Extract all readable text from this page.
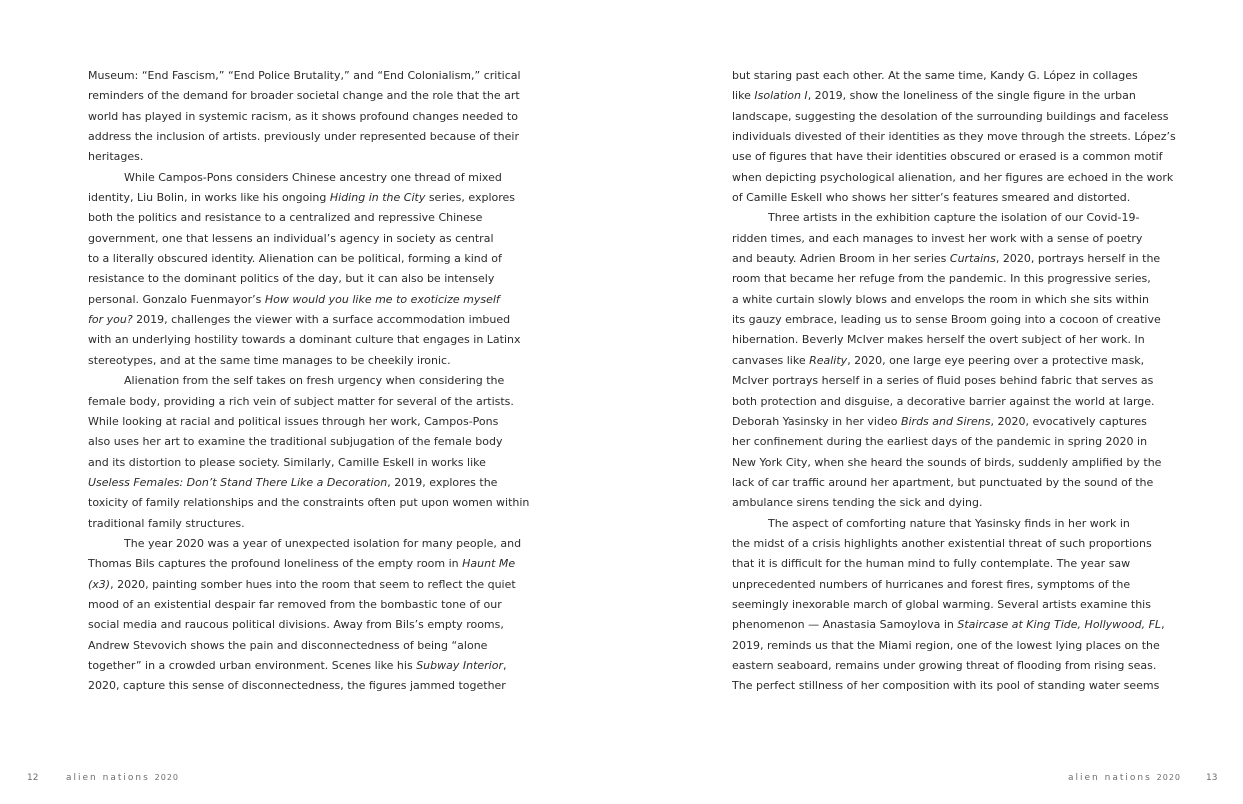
Museum: “End Fascism,” “End Police Brutality,” and “End Colonialism,” critical
reminders of the demand for broader societal change and the role that the art
world has played in systemic racism, as it shows profound changes needed to
address the inclusion of artists. previously under represented because of their
heritages.
While Campos-Pons considers Chinese ancestry one thread of mixed
identity, Liu Bolin, in works like his ongoing Hiding in the City series, explores
both the politics and resistance to a centralized and repressive Chinese
government, one that lessens an individual’s agency in society as central
to a literally obscured identity. Alienation can be political, forming a kind of
resistance to the dominant politics of the day, but it can also be intensely
personal. Gonzalo Fuenmayor’s How would you like me to exoticize myself
for you? 2019, challenges the viewer with a surface accommodation imbued
with an underlying hostility towards a dominant culture that engages in Latinx
stereotypes, and at the same time manages to be cheekily ironic.
Alienation from the self takes on fresh urgency when considering the
female body, providing a rich vein of subject matter for several of the artists.
While looking at racial and political issues through her work, Campos-Pons
also uses her art to examine the traditional subjugation of the female body
and its distortion to please society. Similarly, Camille Eskell in works like
Useless Females: Don’t Stand There Like a Decoration, 2019, explores the
toxicity of family relationships and the constraints often put upon women within
traditional family structures.
The year 2020 was a year of unexpected isolation for many people, and
Thomas Bils captures the profound loneliness of the empty room in Haunt Me
(x3), 2020, painting somber hues into the room that seem to reflect the quiet
mood of an existential despair far removed from the bombastic tone of our
social media and raucous political divisions. Away from Bils’s empty rooms,
Andrew Stevovich shows the pain and disconnectedness of being “alone
together” in a crowded urban environment. Scenes like his Subway Interior,
2020, capture this sense of disconnectedness, the figures jammed together
12	alien nations 2020
but staring past each other. At the same time, Kandy G. López in collages
like Isolation I, 2019, show the loneliness of the single figure in the urban
landscape, suggesting the desolation of the surrounding buildings and faceless
individuals divested of their identities as they move through the streets. López’s
use of figures that have their identities obscured or erased is a common motif
when depicting psychological alienation, and her figures are echoed in the work
of Camille Eskell who shows her sitter’s features smeared and distorted.
Three artists in the exhibition capture the isolation of our Covid-19-
ridden times, and each manages to invest her work with a sense of poetry
and beauty. Adrien Broom in her series Curtains, 2020, portrays herself in the
room that became her refuge from the pandemic. In this progressive series,
a white curtain slowly blows and envelops the room in which she sits within
its gauzy embrace, leading us to sense Broom going into a cocoon of creative
hibernation. Beverly McIver makes herself the overt subject of her work. In
canvases like Reality, 2020, one large eye peering over a protective mask,
McIver portrays herself in a series of fluid poses behind fabric that serves as
both protection and disguise, a decorative barrier against the world at large.
Deborah Yasinsky in her video Birds and Sirens, 2020, evocatively captures
her confinement during the earliest days of the pandemic in spring 2020 in
New York City, when she heard the sounds of birds, suddenly amplified by the
lack of car traffic around her apartment, but punctuated by the sound of the
ambulance sirens tending the sick and dying.
The aspect of comforting nature that Yasinsky finds in her work in
the midst of a crisis highlights another existential threat of such proportions
that it is difficult for the human mind to fully contemplate. The year saw
unprecedented numbers of hurricanes and forest fires, symptoms of the
seemingly inexorable march of global warming. Several artists examine this
phenomenon — Anastasia Samoylova in Staircase at King Tide, Hollywood, FL,
2019, reminds us that the Miami region, one of the lowest lying places on the
eastern seaboard, remains under growing threat of flooding from rising seas.
The perfect stillness of her composition with its pool of standing water seems
alien nations 2020	13
